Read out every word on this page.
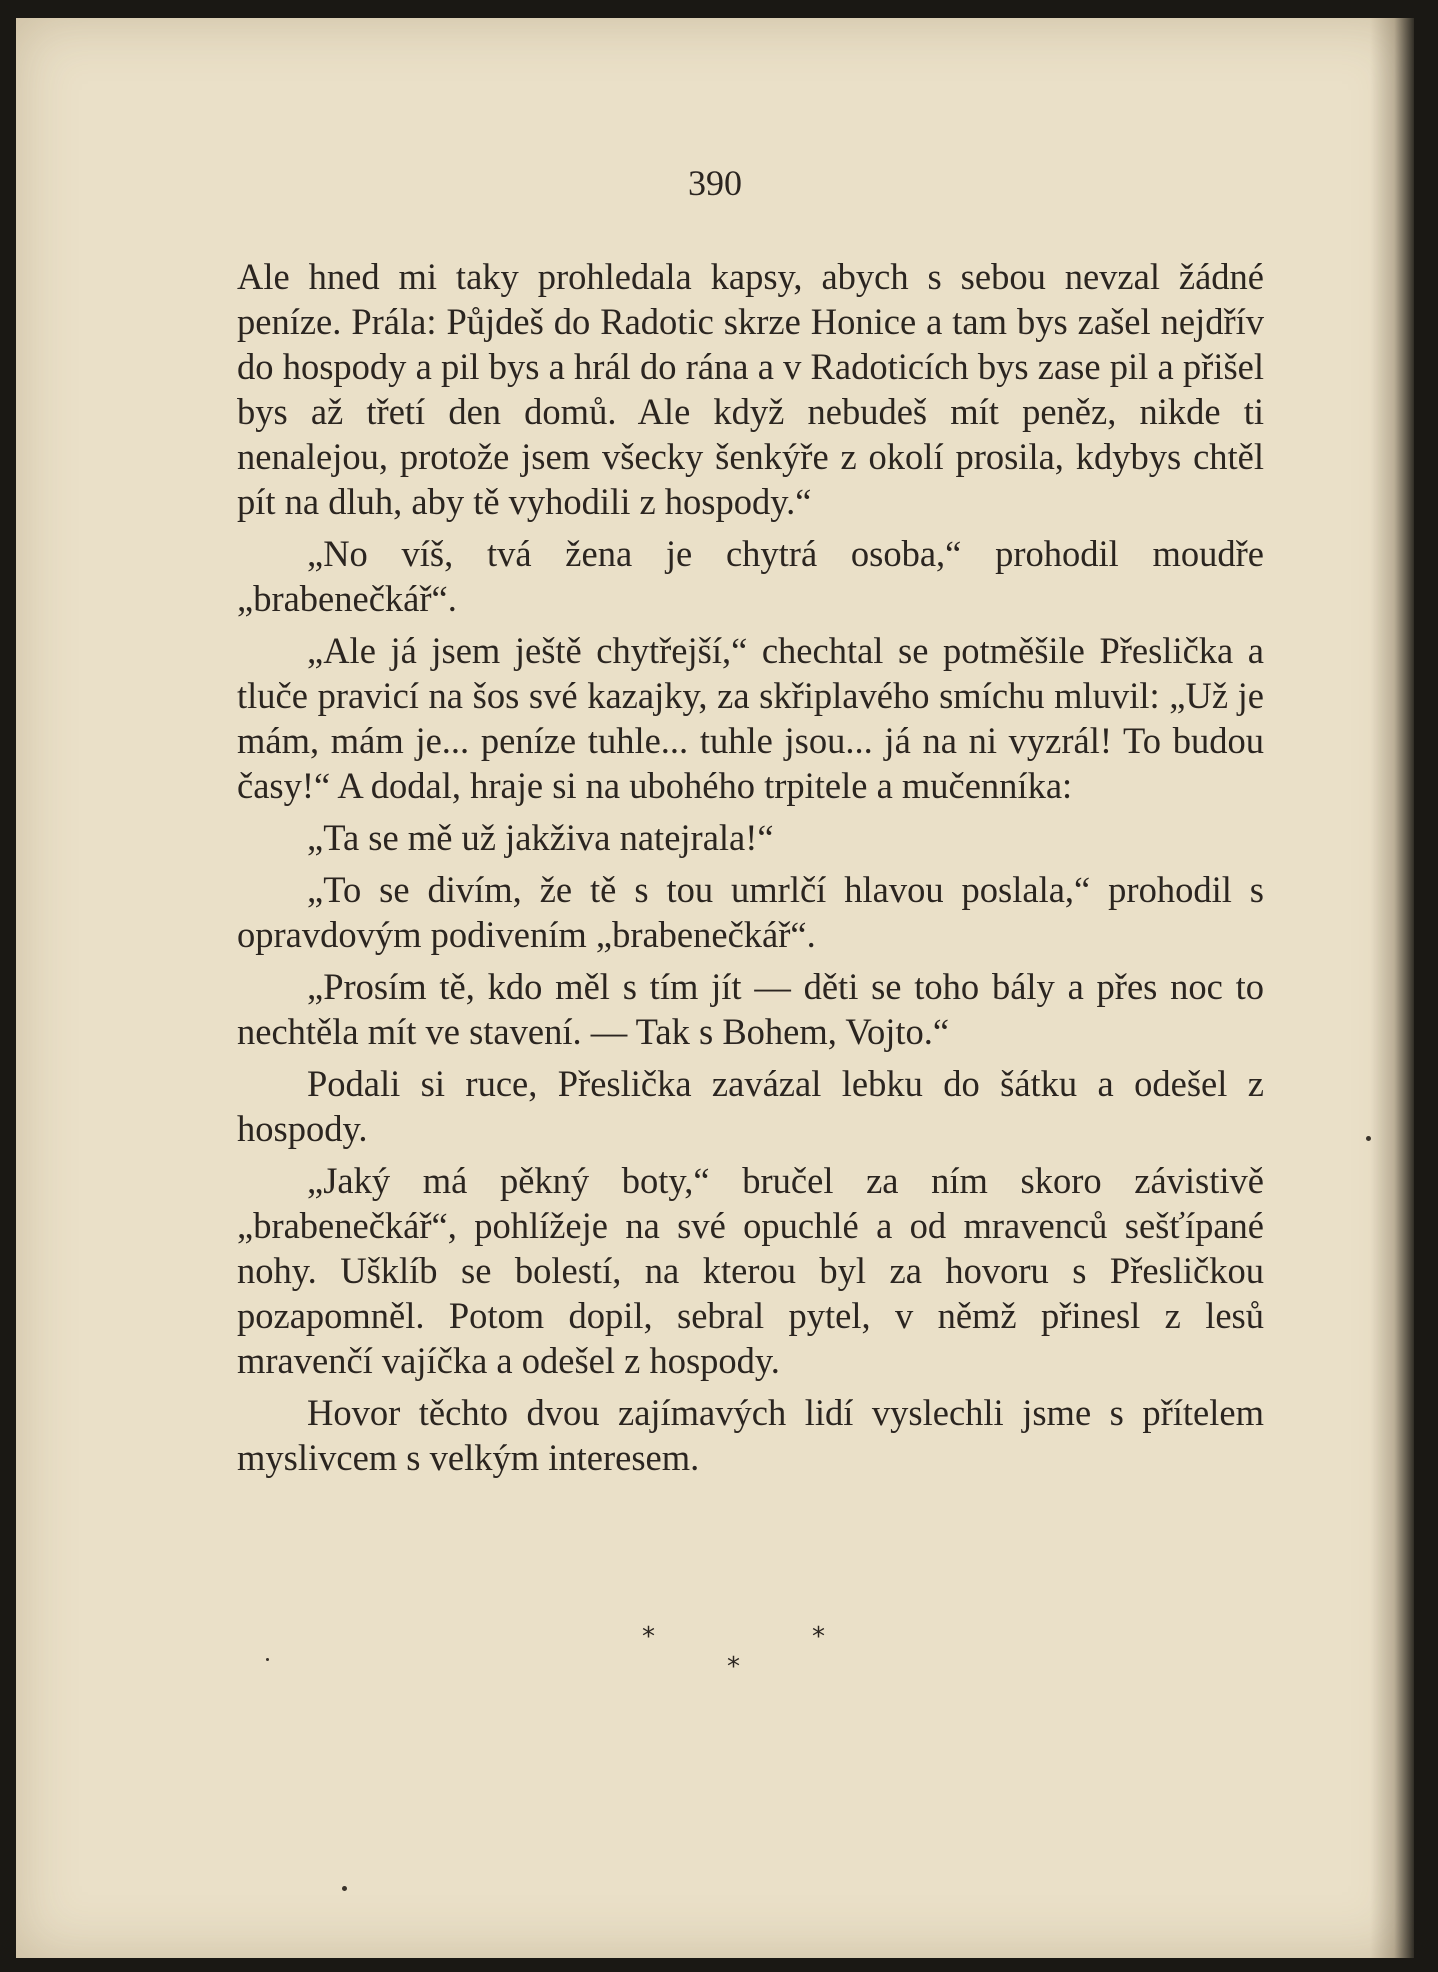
390

Ale hned mi taky prohledala kapsy, abych s sebou nevzal žádné peníze. Prála: Půjdeš do Radotic skrze Honice a tam bys zašel nejdřív do hospody a pil bys a hrál do rána a v Radoticích bys zase pil a přišel bys až třetí den domů. Ale když nebudeš mít peněz, nikde ti nenalejou, protože jsem všecky šenkýře z okolí prosila, kdybys chtěl pít na dluh, aby tě vyhodili z hospody.“

„No víš, tvá žena je chytrá osoba,“ prohodil moudře „brabenečkář“.

„Ale já jsem ještě chytřejší,“ chechtal se potměšile Přeslička a tluče pravicí na šos své kazajky, za skřiplavého smíchu mluvil: „Už je mám, mám je... peníze tuhle... tuhle jsou... já na ni vyzrál! To budou časy!“ A dodal, hraje si na ubohého trpitele a mučenníka:

„Ta se mě už jakživa natejrala!“

„To se divím, že tě s tou umrlčí hlavou poslala,“ prohodil s opravdovým podivením „brabenečkář“.

„Prosím tě, kdo měl s tím jít — děti se toho bály a přes noc to nechtěla mít ve stavení. — Tak s Bohem, Vojto.“

Podali si ruce, Přeslička zavázal lebku do šátku a odešel z hospody.

„Jaký má pěkný boty,“ bručel za ním skoro závistivě „brabenečkář“, pohlížeje na své opuchlé a od mravenců sešťípané nohy. Ušklíb se bolestí, na kterou byl za hovoru s Přesličkou pozapomněl. Potom dopil, sebral pytel, v němž přinesl z lesů mravenčí vajíčka a odešel z hospody.

Hovor těchto dvou zajímavých lidí vyslechli jsme s přítelem myslivcem s velkým interesem.

*	*
*
